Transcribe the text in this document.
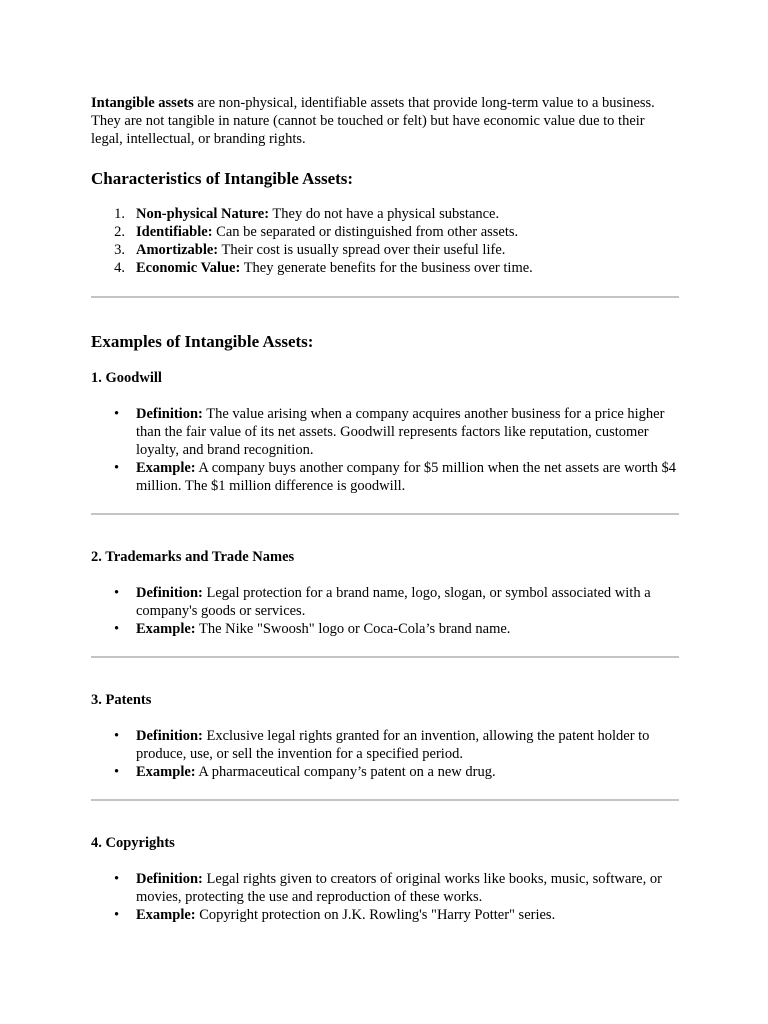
Intangible assets are non-physical, identifiable assets that provide long-term value to a business. They are not tangible in nature (cannot be touched or felt) but have economic value due to their legal, intellectual, or branding rights.

Characteristics of Intangible Assets:
1. Non-physical Nature: They do not have a physical substance.
2. Identifiable: Can be separated or distinguished from other assets.
3. Amortizable: Their cost is usually spread over their useful life.
4. Economic Value: They generate benefits for the business over time.
Examples of Intangible Assets:
1. Goodwill
• Definition: The value arising when a company acquires another business for a price higher than the fair value of its net assets. Goodwill represents factors like reputation, customer loyalty, and brand recognition.
• Example: A company buys another company for $5 million when the net assets are worth $4 million. The $1 million difference is goodwill.
2. Trademarks and Trade Names
• Definition: Legal protection for a brand name, logo, slogan, or symbol associated with a company's goods or services.
• Example: The Nike "Swoosh" logo or Coca-Cola’s brand name.
3. Patents
• Definition: Exclusive legal rights granted for an invention, allowing the patent holder to produce, use, or sell the invention for a specified period.
• Example: A pharmaceutical company’s patent on a new drug.
4. Copyrights
• Definition: Legal rights given to creators of original works like books, music, software, or movies, protecting the use and reproduction of these works.
• Example: Copyright protection on J.K. Rowling's "Harry Potter" series.
